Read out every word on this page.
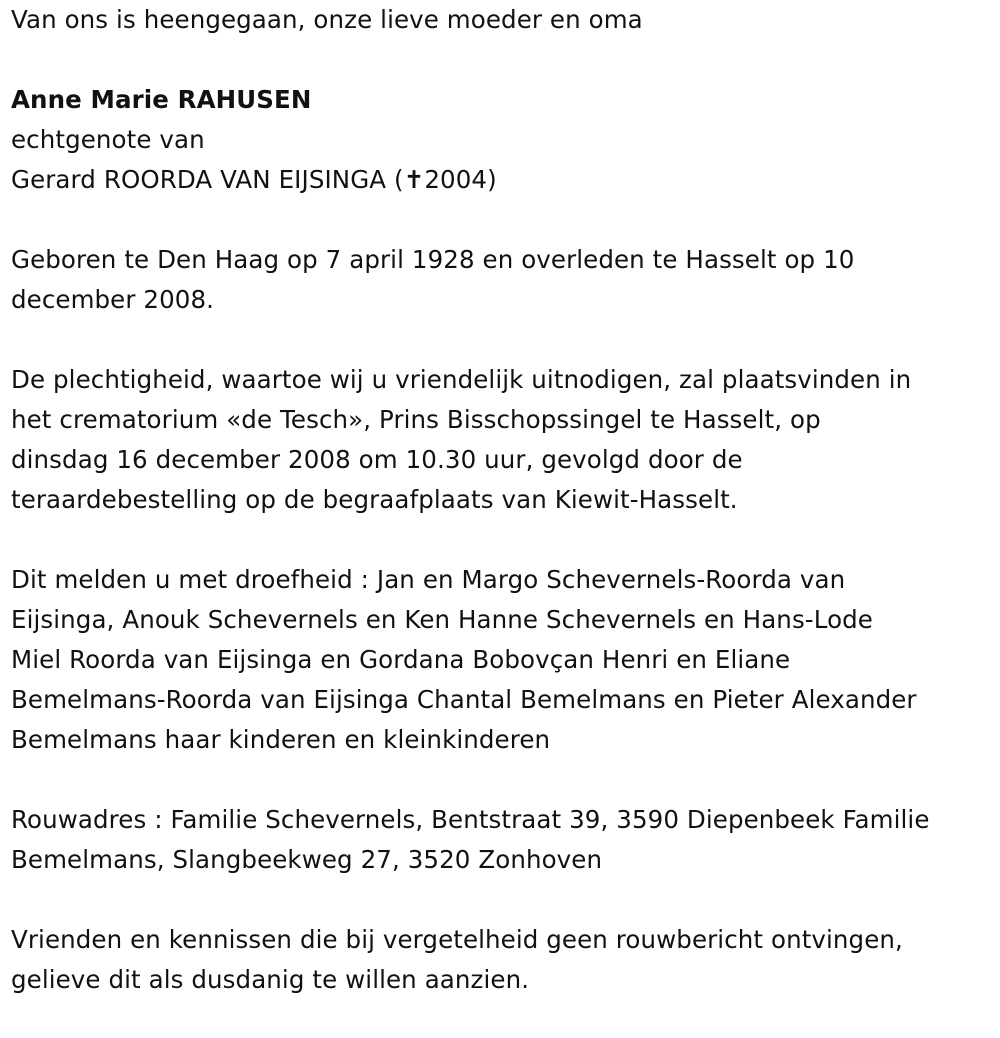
Van ons is heengegaan, onze lieve moeder en oma
Anne Marie RAHUSEN
echtgenote van
Gerard ROORDA VAN EIJSINGA (✝2004)
Geboren te Den Haag op 7 april 1928 en overleden te Hasselt op 10
december 2008.
De plechtigheid, waartoe wij u vriendelijk uitnodigen, zal plaatsvinden in
het crematorium «de Tesch», Prins Bisschopssingel te Hasselt, op
dinsdag 16 december 2008 om 10.30 uur, gevolgd door de
teraardebestelling op de begraafplaats van Kiewit-Hasselt.
Dit melden u met droefheid : Jan en Margo Schevernels-Roorda van
Eijsinga, Anouk Schevernels en Ken Hanne Schevernels en Hans-Lode
Miel Roorda van Eijsinga en Gordana Bobovçan Henri en Eliane
Bemelmans-Roorda van Eijsinga Chantal Bemelmans en Pieter Alexander
Bemelmans haar kinderen en kleinkinderen
Rouwadres : Familie Schevernels, Bentstraat 39, 3590 Diepenbeek Familie
Bemelmans, Slangbeekweg 27, 3520 Zonhoven
Vrienden en kennissen die bij vergetelheid geen rouwbericht ontvingen,
gelieve dit als dusdanig te willen aanzien.
